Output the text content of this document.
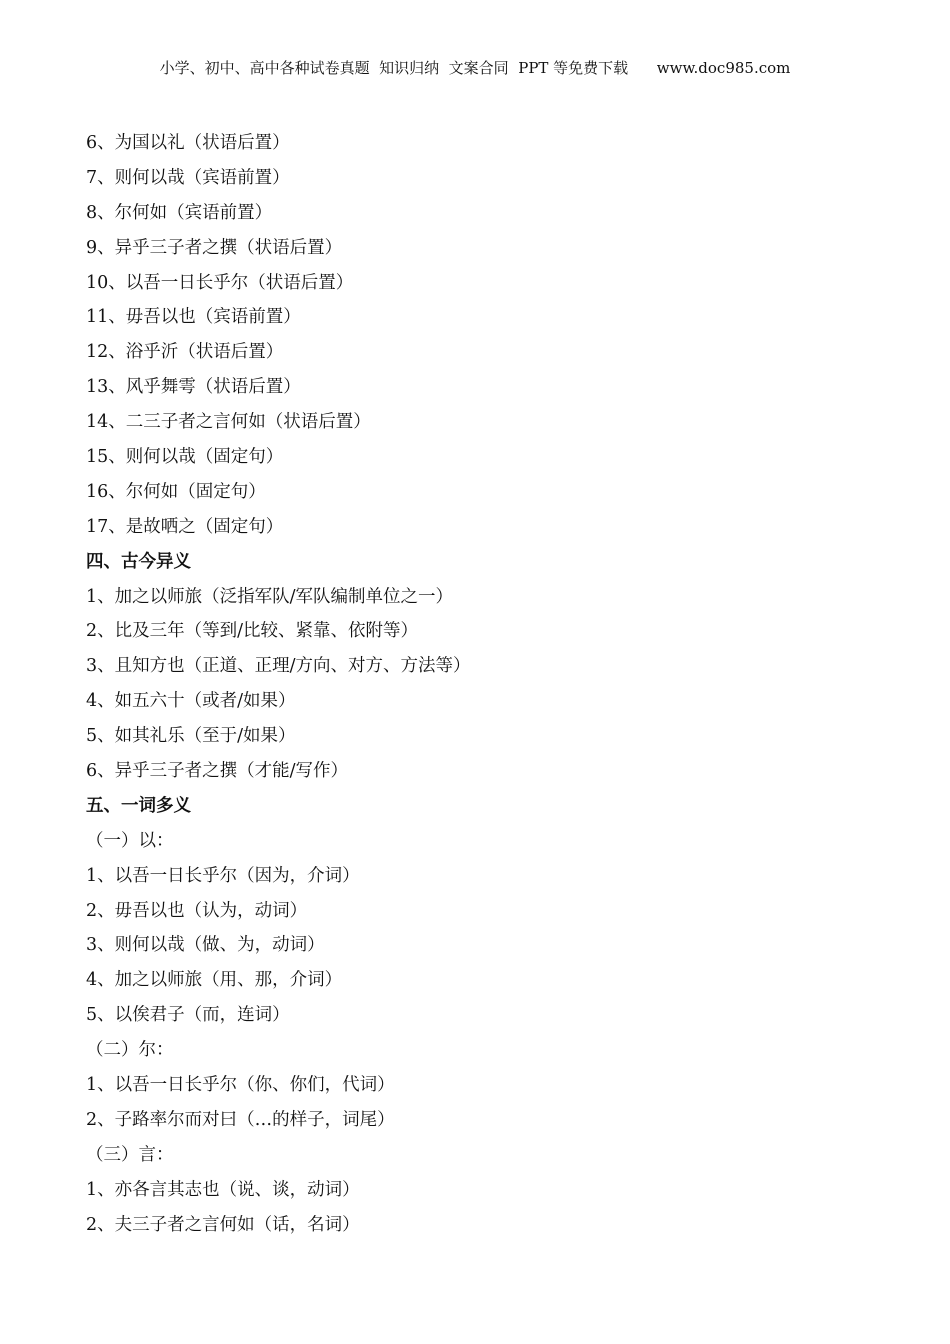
小学、初中、高中各种试卷真题  知识归纳  文案合同  PPT 等免费下载      www.doc985.com
6、为国以礼（状语后置）
7、则何以哉（宾语前置）
8、尔何如（宾语前置）
9、异乎三子者之撰（状语后置）
10、以吾一日长乎尔（状语后置）
11、毋吾以也（宾语前置）
12、浴乎沂（状语后置）
13、风乎舞雩（状语后置）
14、二三子者之言何如（状语后置）
15、则何以哉（固定句）
16、尔何如（固定句）
17、是故哂之（固定句）
四、古今异义
1、加之以师旅（泛指军队/军队编制单位之一）
2、比及三年（等到/比较、紧靠、依附等）
3、且知方也（正道、正理/方向、对方、方法等）
4、如五六十（或者/如果）
5、如其礼乐（至于/如果）
6、异乎三子者之撰（才能/写作）
五、一词多义
（一）以：
1、以吾一日长乎尔（因为，介词）
2、毋吾以也（认为，动词）
3、则何以哉（做、为，动词）
4、加之以师旅（用、那，介词）
5、以俟君子（而，连词）
（二）尔：
1、以吾一日长乎尔（你、你们，代词）
2、子路率尔而对曰（…的样子，词尾）
（三）言：
1、亦各言其志也（说、谈，动词）
2、夫三子者之言何如（话，名词）
